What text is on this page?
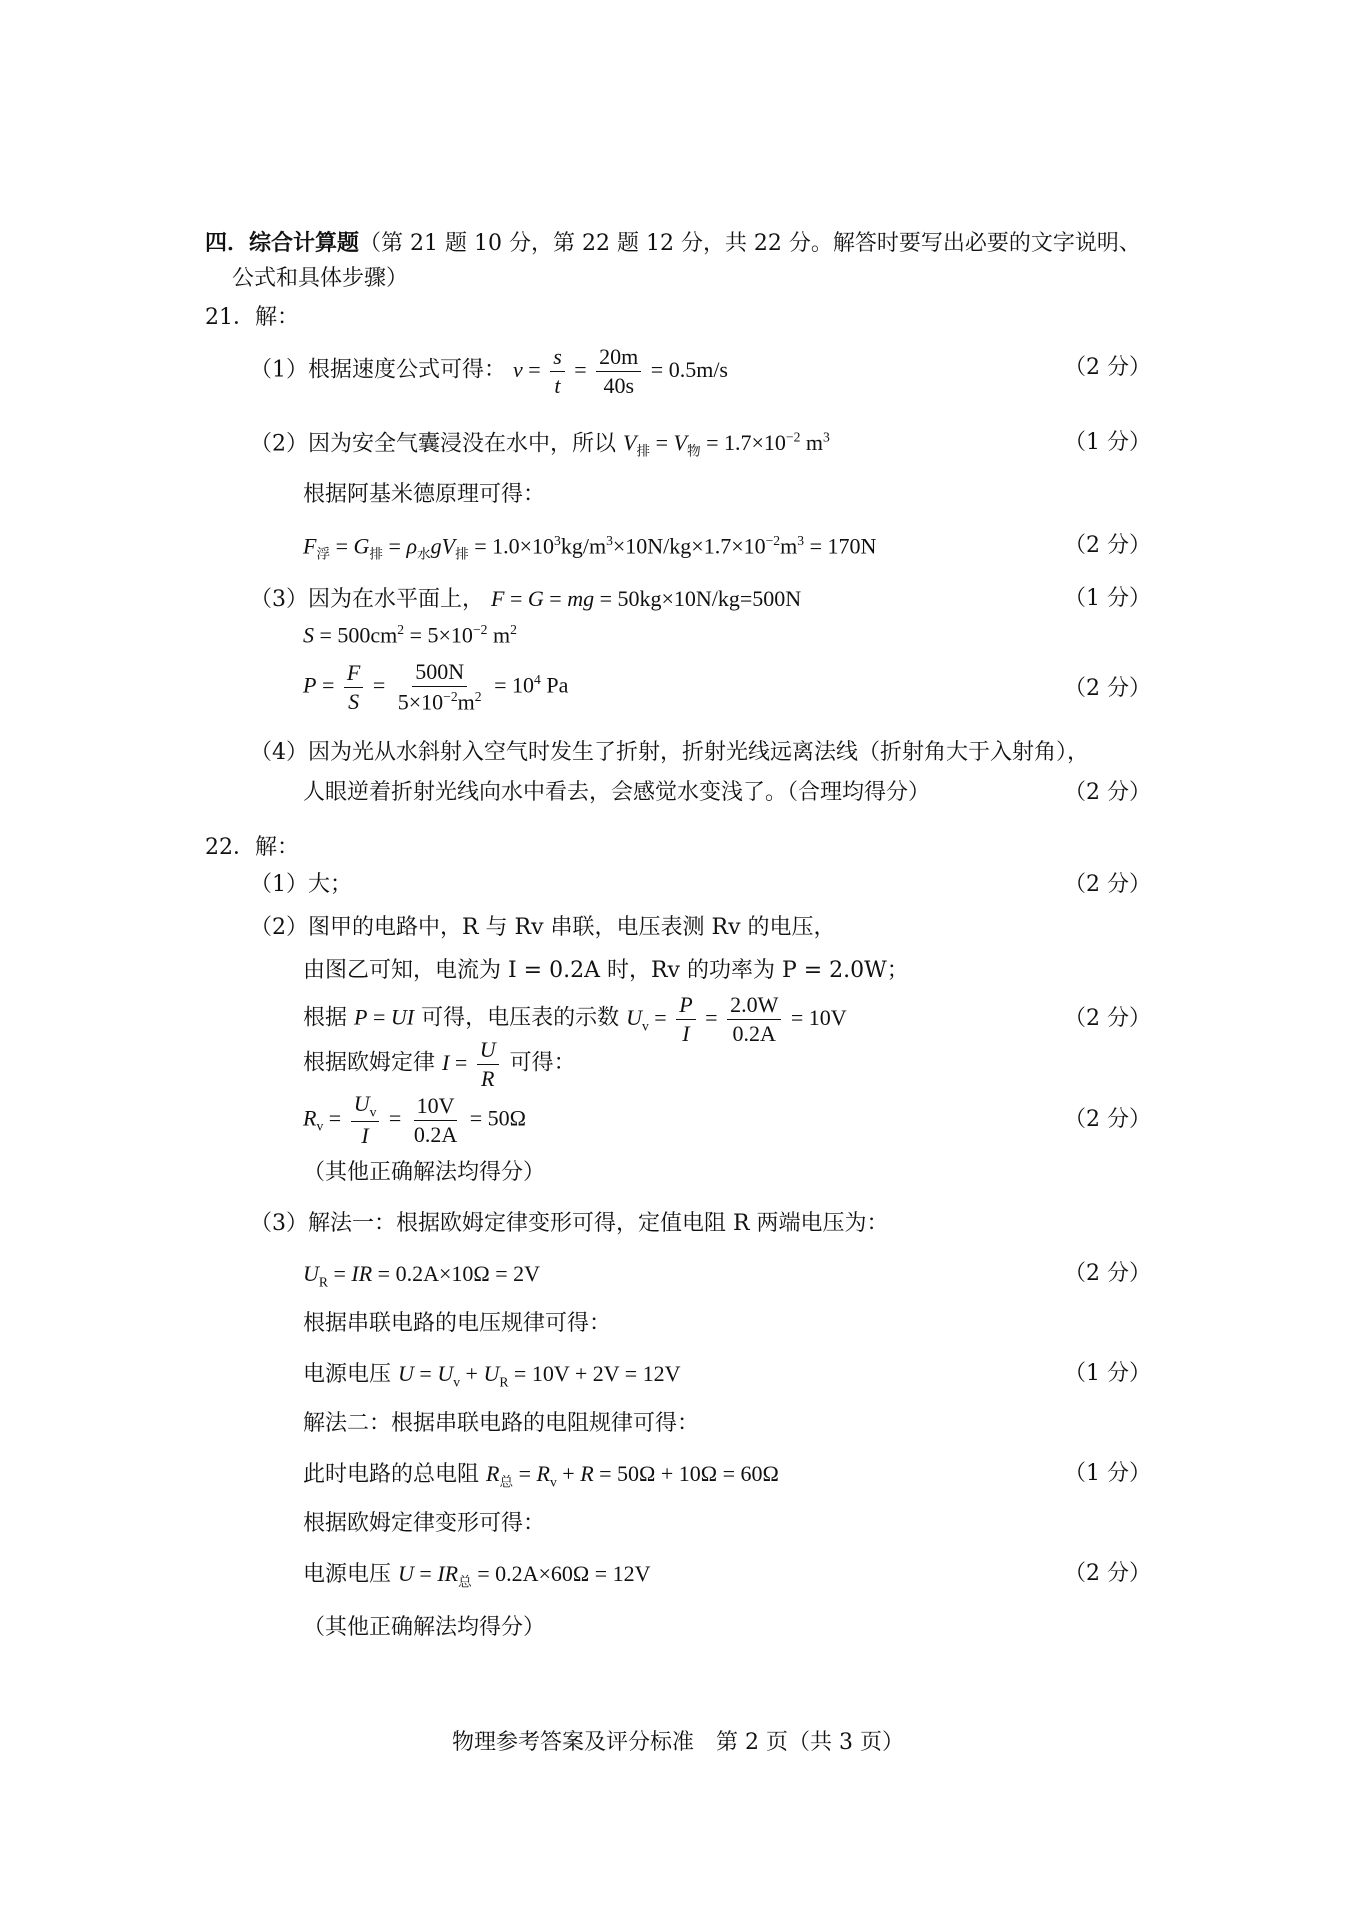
四．综合计算题（第 21 题 10 分，第 22 题 12 分，共 22 分。解答时要写出必要的文字说明、
公式和具体步骤）
21．解：
（1）根据速度公式可得： $v = \frac{s}{t} = \frac{20m}{40s} = 0.5m/s$	（2 分）
（2）因为安全气囊浸没在水中，所以 $V_排 = V_物 = 1.7\times 10^{-2}$ $m^3$	（1 分）
根据阿基米德原理可得：
$F_浮 = G_排 = \rho_水gV_排 = 1.0\times 10^3kg/m^3\times 10N/kg\times 1.7\times 10^{-2}m^3 = 170N$	（2 分）
（3）因为在水平面上， F = G = mg = 50kg×10N/kg=500N	（1 分）
$S = 500cm^2 = 5\times 10^{-2}$ $m^2$
$P = \frac{F}{S} = \frac{500N}{5\times 10^{-2}m^2} = 10^4$ Pa	（2 分）
（4）因为光从水斜射入空气时发生了折射，折射光线远离法线（折射角大于入射角），
人眼逆着折射光线向水中看去，会感觉水变浅了。（合理均得分）	（2 分）
22．解：
（1）大；	（2 分）
（2）图甲的电路中，R 与 Rv 串联，电压表测 Rv 的电压，
由图乙可知，电流为 I = 0.2A 时，Rv 的功率为 P = 2.0W；
根据 P = UI 可得，电压表的示数 $U_v = \frac{P}{I} = \frac{2.0W}{0.2A} = 10V$	（2 分）
根据欧姆定律 $I = \frac{U}{R}$ 可得：
$R_v = \frac{U_v}{I} = \frac{10V}{0.2A} = 50\Omega$	（2 分）
（其他正确解法均得分）
（3）解法一：根据欧姆定律变形可得，定值电阻 R 两端电压为：
$U_R$ = IR = 0.2A×10Ω = 2V	（2 分）
根据串联电路的电压规律可得：
电源电压 $U = U_v + U_R = 10V + 2V = 12V$	（1 分）
解法二：根据串联电路的电阻规律可得：
此时电路的总电阻 $R_总 = R_v + R = 50\Omega + 10\Omega = 60\Omega$	（1 分）
根据欧姆定律变形可得：
电源电压 $U = IR_总 = 0.2A\times 60\Omega = 12V$	（2 分）
（其他正确解法均得分）
物理参考答案及评分标准　第 2 页（共 3 页）
